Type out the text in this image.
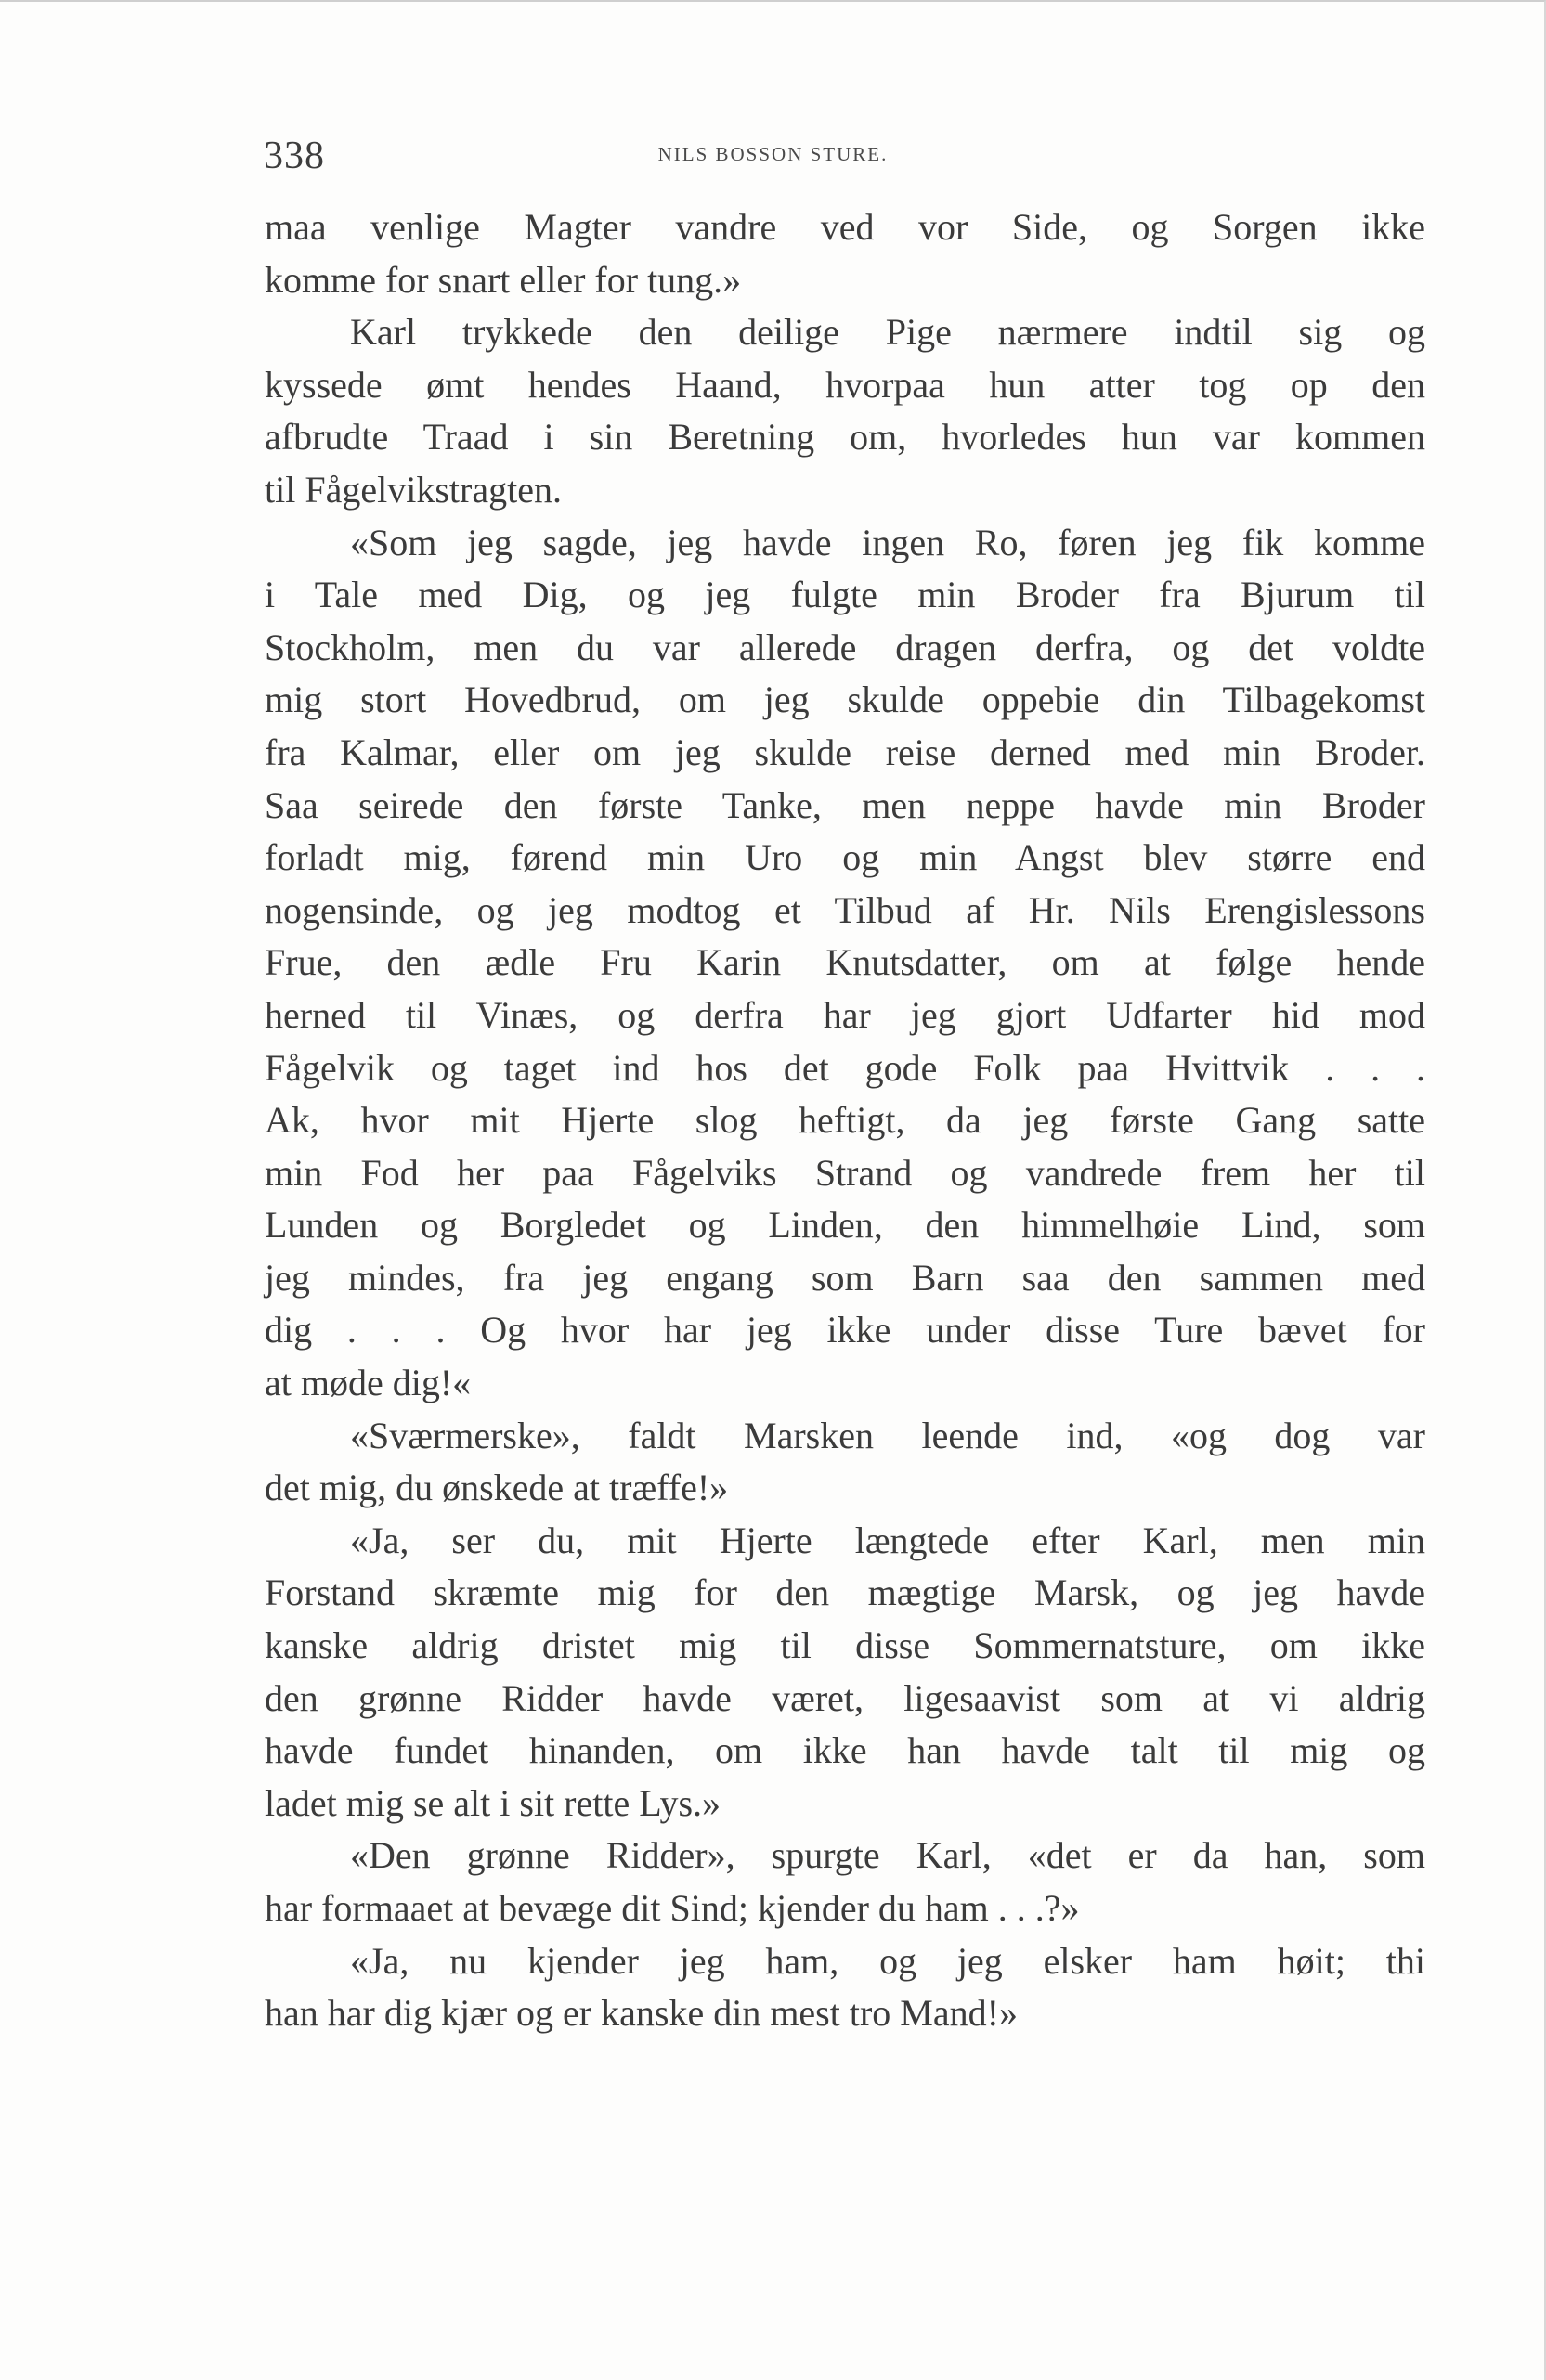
338	NILS BOSSON STURE.
maa venlige Magter vandre ved vor Side, og Sorgen ikke
komme for snart eller for tung.»
Karl trykkede den deilige Pige nærmere indtil sig og
kyssede ømt hendes Haand, hvorpaa hun atter tog op den
afbrudte Traad i sin Beretning om, hvorledes hun var kommen
til Fågelvikstragten.
«Som jeg sagde, jeg havde ingen Ro, føren jeg fik komme
i Tale med Dig, og jeg fulgte min Broder fra Bjurum til
Stockholm, men du var allerede dragen derfra, og det voldte
mig stort Hovedbrud, om jeg skulde oppebie din Tilbagekomst
fra Kalmar, eller om jeg skulde reise derned med min Broder.
Saa seirede den første Tanke, men neppe havde min Broder
forladt mig, førend min Uro og min Angst blev større end
nogensinde, og jeg modtog et Tilbud af Hr. Nils Erengislessons
Frue, den ædle Fru Karin Knutsdatter, om at følge hende
herned til Vinæs, og derfra har jeg gjort Udfarter hid mod
Fågelvik og taget ind hos det gode Folk paa Hvittvik . . .
Ak, hvor mit Hjerte slog heftigt, da jeg første Gang satte
min Fod her paa Fågelviks Strand og vandrede frem her til
Lunden og Borgledet og Linden, den himmelhøie Lind, som
jeg mindes, fra jeg engang som Barn saa den sammen med
dig . . . Og hvor har jeg ikke under disse Ture bævet for
at møde dig!«
«Sværmerske», faldt Marsken leende ind, «og dog var
det mig, du ønskede at træffe!»
«Ja, ser du, mit Hjerte længtede efter Karl, men min
Forstand skræmte mig for den mægtige Marsk, og jeg havde
kanske aldrig dristet mig til disse Sommernatsture, om ikke
den grønne Ridder havde været, ligesaavist som at vi aldrig
havde fundet hinanden, om ikke han havde talt til mig og
ladet mig se alt i sit rette Lys.»
«Den grønne Ridder», spurgte Karl, «det er da han, som
har formaaet at bevæge dit Sind; kjender du ham . . .?»
«Ja, nu kjender jeg ham, og jeg elsker ham høit; thi
han har dig kjær og er kanske din mest tro Mand!»
